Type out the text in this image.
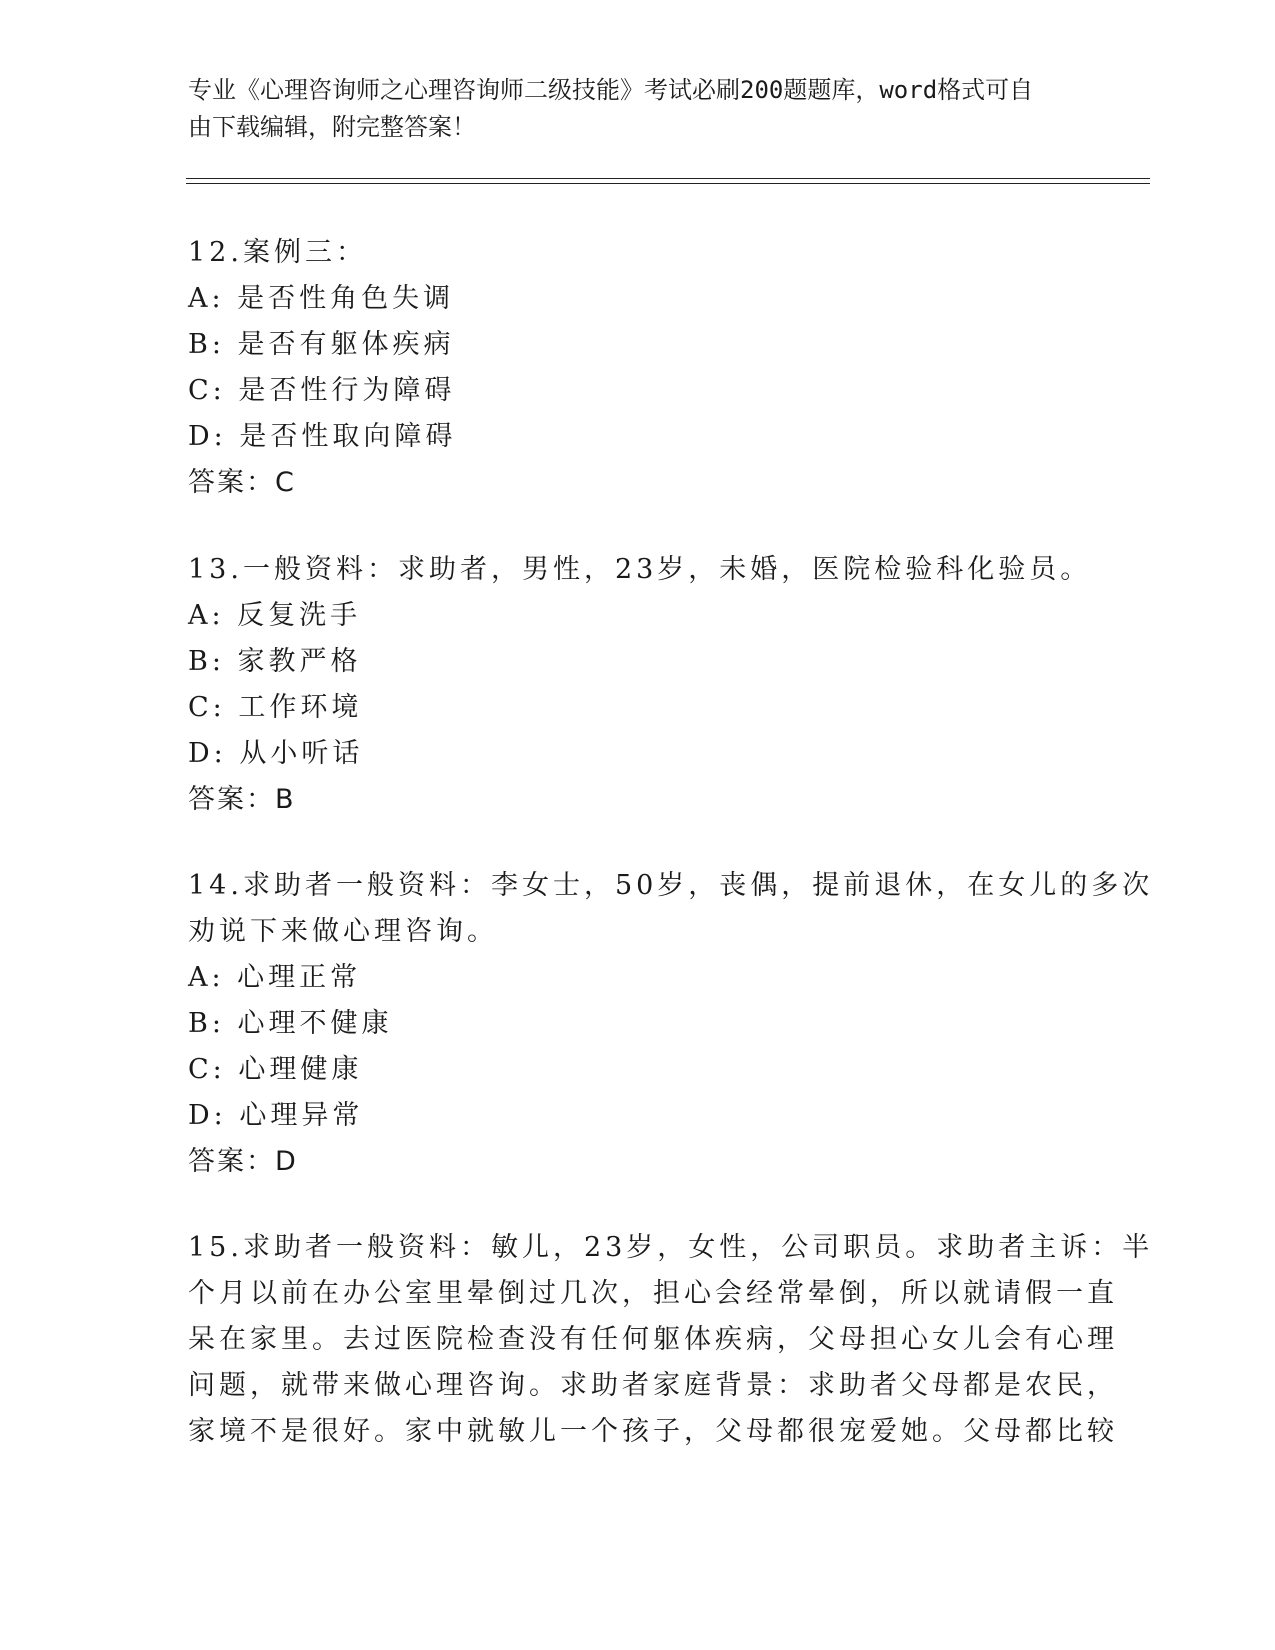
专业《心理咨询师之心理咨询师二级技能》考试必刷200题题库，word格式可自
由下载编辑，附完整答案！
12.案例三：
A: 是否性角色失调
B: 是否有躯体疾病
C: 是否性行为障碍
D: 是否性取向障碍
答案：C
13.一般资料：求助者，男性，23岁，未婚，医院检验科化验员。
A: 反复洗手
B: 家教严格
C: 工作环境
D: 从小听话
答案：B
14.求助者一般资料：李女士，50岁，丧偶，提前退休，在女儿的多次
劝说下来做心理咨询。
A: 心理正常
B: 心理不健康
C: 心理健康
D: 心理异常
答案：D
15.求助者一般资料：敏儿，23岁，女性，公司职员。求助者主诉：半
个月以前在办公室里晕倒过几次，担心会经常晕倒，所以就请假一直
呆在家里。去过医院检查没有任何躯体疾病，父母担心女儿会有心理
问题，就带来做心理咨询。求助者家庭背景：求助者父母都是农民，
家境不是很好。家中就敏儿一个孩子，父母都很宠爱她。父母都比较
